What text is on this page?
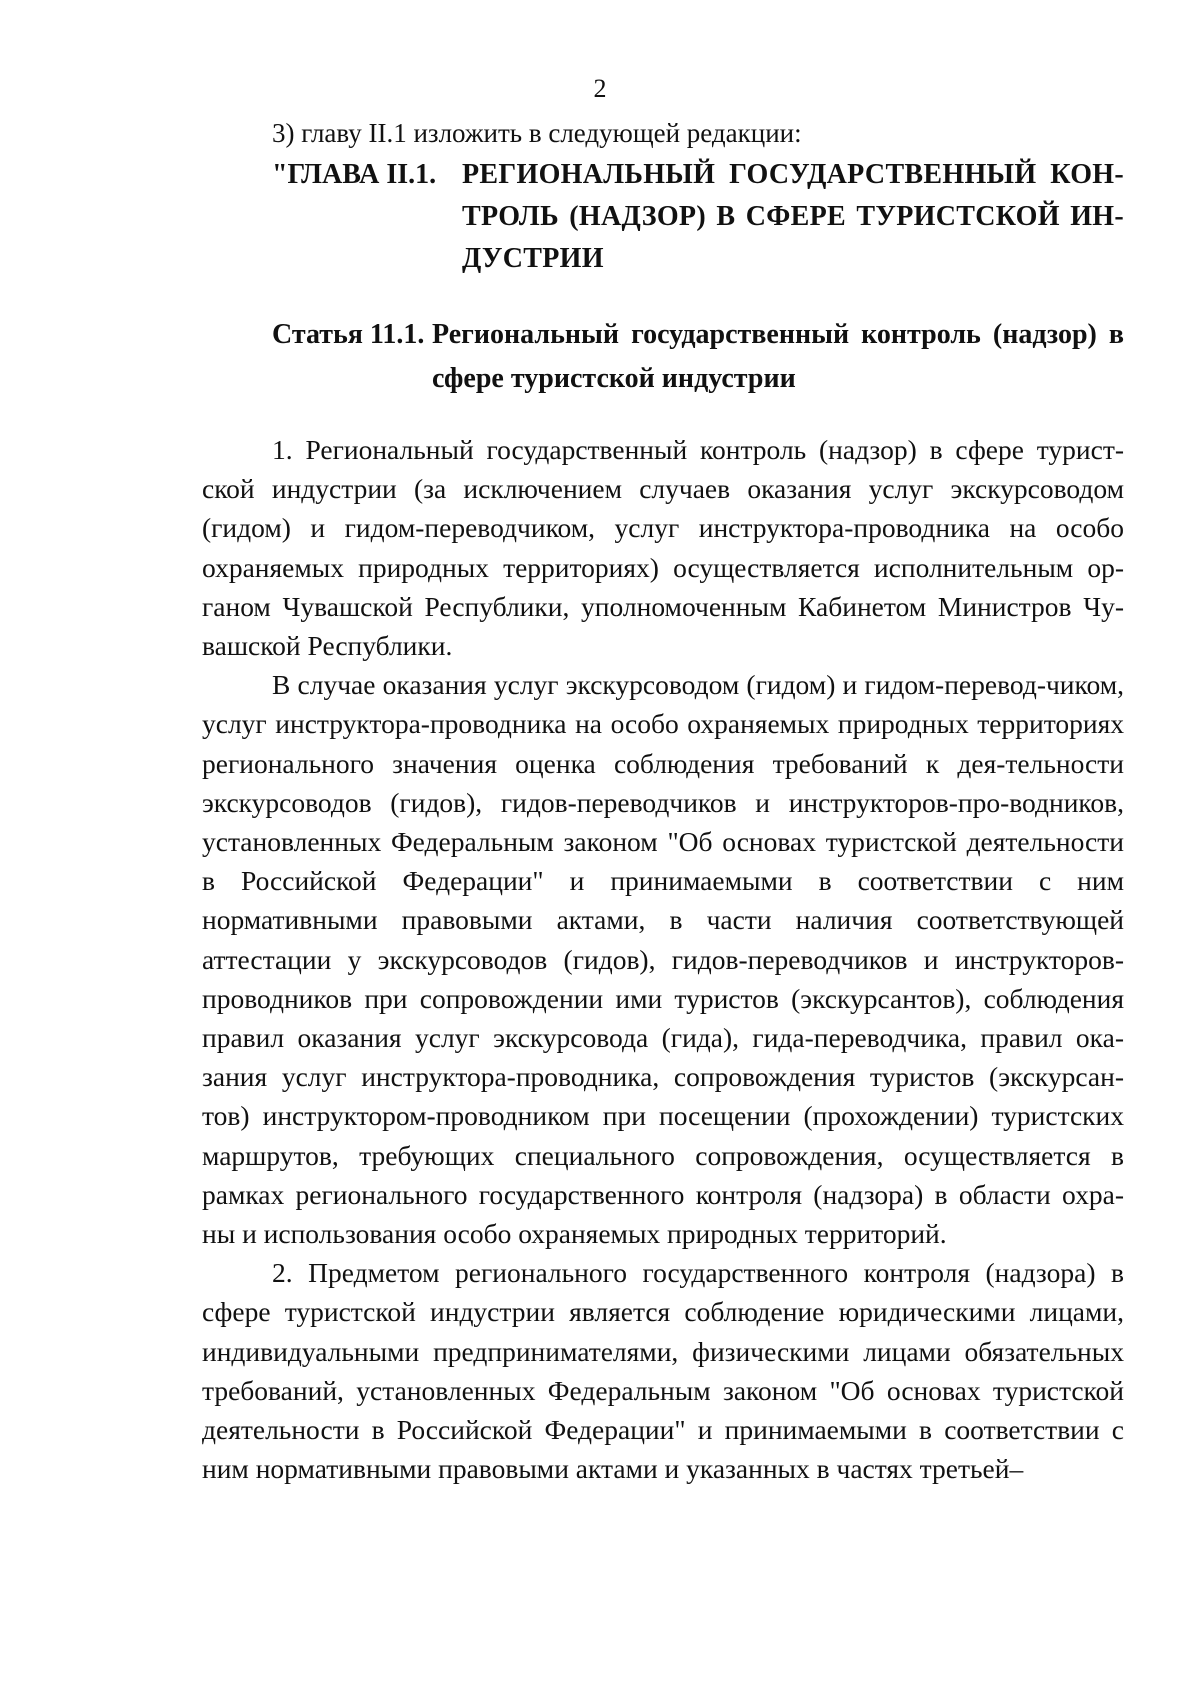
2
3) главу II.1 изложить в следующей редакции:
"ГЛАВА II.1. РЕГИОНАЛЬНЫЙ ГОСУДАРСТВЕННЫЙ КОН-ТРОЛЬ (НАДЗОР) В СФЕРЕ ТУРИСТСКОЙ ИН-ДУСТРИИ
Статья 11.1. Региональный государственный контроль (надзор) в сфере туристской индустрии

1. Региональный государственный контроль (надзор) в сфере турист-ской индустрии (за исключением случаев оказания услуг экскурсоводом (гидом) и гидом-переводчиком, услуг инструктора-проводника на особо охраняемых природных территориях) осуществляется исполнительным ор-ганом Чувашской Республики, уполномоченным Кабинетом Министров Чу-вашской Республики.

В случае оказания услуг экскурсоводом (гидом) и гидом-перевод-чиком, услуг инструктора-проводника на особо охраняемых природных территориях регионального значения оценка соблюдения требований к дея-тельности экскурсоводов (гидов), гидов-переводчиков и инструкторов-про-водников, установленных Федеральным законом "Об основах туристской деятельности в Российской Федерации" и принимаемыми в соответствии с ним нормативными правовыми актами, в части наличия соответствующей аттестации у экскурсоводов (гидов), гидов-переводчиков и инструкторов-проводников при сопровождении ими туристов (экскурсантов), соблюдения правил оказания услуг экскурсовода (гида), гида-переводчика, правил ока-зания услуг инструктора-проводника, сопровождения туристов (экскурсан-тов) инструктором-проводником при посещении (прохождении) туристских маршрутов, требующих специального сопровождения, осуществляется в рамках регионального государственного контроля (надзора) в области охра-ны и использования особо охраняемых природных территорий.

2. Предметом регионального государственного контроля (надзора) в сфере туристской индустрии является соблюдение юридическими лицами, индивидуальными предпринимателями, физическими лицами обязательных требований, установленных Федеральным законом "Об основах туристской деятельности в Российской Федерации" и принимаемыми в соответствии с ним нормативными правовыми актами и указанных в частях третьей–
